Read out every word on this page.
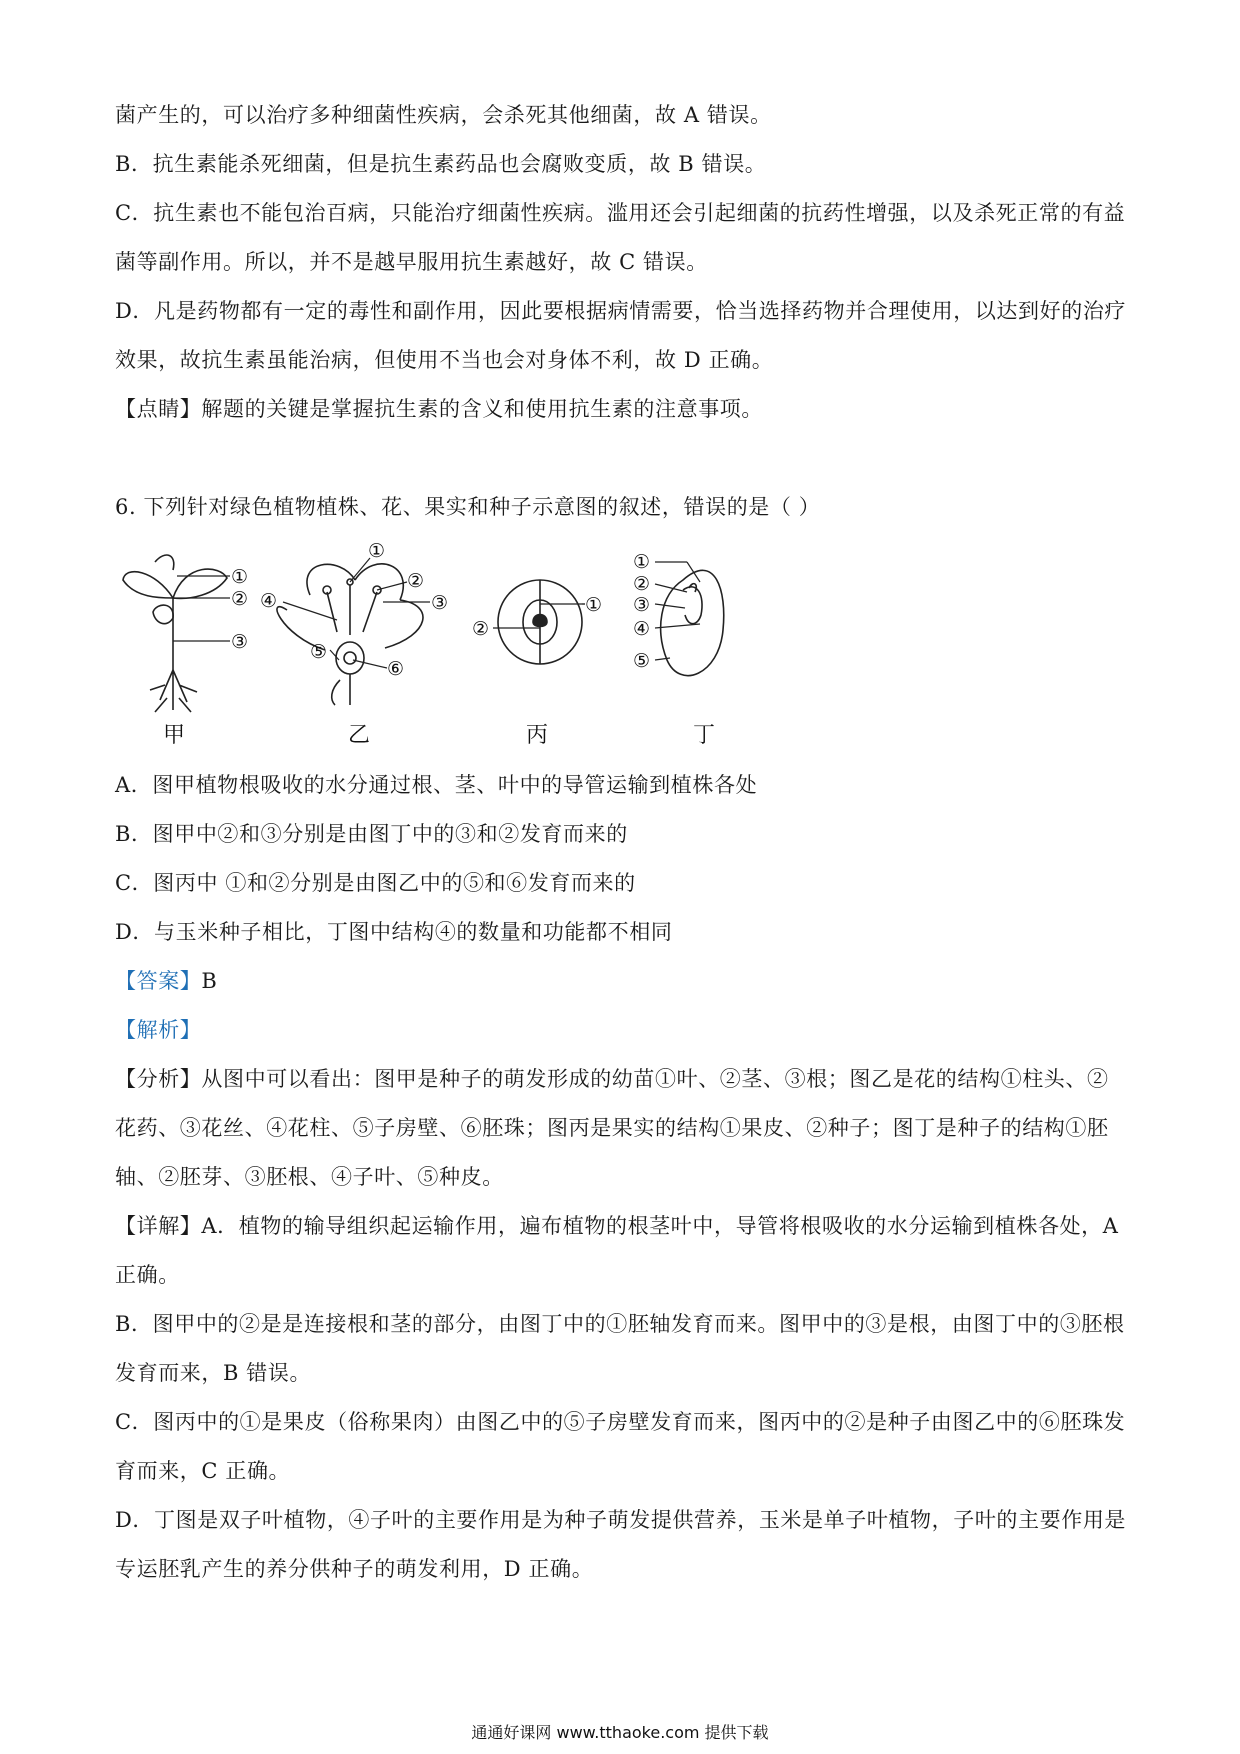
菌产生的，可以治疗多种细菌性疾病，会杀死其他细菌，故 A 错误。
B．抗生素能杀死细菌，但是抗生素药品也会腐败变质，故 B 错误。
C．抗生素也不能包治百病，只能治疗细菌性疾病。滥用还会引起细菌的抗药性增强，以及杀死正常的有益
菌等副作用。所以，并不是越早服用抗生素越好，故 C 错误。
D．凡是药物都有一定的毒性和副作用，因此要根据病情需要，恰当选择药物并合理使用，以达到好的治疗
效果，故抗生素虽能治病，但使用不当也会对身体不利，故 D 正确。
【点睛】解题的关键是掌握抗生素的含义和使用抗生素的注意事项。
6. 下列针对绿色植物植株、花、果实和种子示意图的叙述，错误的是（ ）
①
②
③
甲
①
②
③
④
⑤
⑥
乙
①
②
丙
①
②
③
④
⑤
丁
A．图甲植物根吸收的水分通过根、茎、叶中的导管运输到植株各处
B．图甲中②和③分别是由图丁中的③和②发育而来的
C．图丙中 ①和②分别是由图乙中的⑤和⑥发育而来的
D．与玉米种子相比，丁图中结构④的数量和功能都不相同
【答案】B
【解析】
【分析】从图中可以看出：图甲是种子的萌发形成的幼苗①叶、②茎、③根；图乙是花的结构①柱头、②
花药、③花丝、④花柱、⑤子房壁、⑥胚珠；图丙是果实的结构①果皮、②种子；图丁是种子的结构①胚
轴、②胚芽、③胚根、④子叶、⑤种皮。
【详解】A．植物的输导组织起运输作用，遍布植物的根茎叶中，导管将根吸收的水分运输到植株各处，A
正确。
B．图甲中的②是是连接根和茎的部分，由图丁中的①胚轴发育而来。图甲中的③是根，由图丁中的③胚根
发育而来，B 错误。
C．图丙中的①是果皮（俗称果肉）由图乙中的⑤子房壁发育而来，图丙中的②是种子由图乙中的⑥胚珠发
育而来，C 正确。
D．丁图是双子叶植物，④子叶的主要作用是为种子萌发提供营养，玉米是单子叶植物，子叶的主要作用是
专运胚乳产生的养分供种子的萌发利用，D 正确。
通通好课网 www.tthaoke.com 提供下载
